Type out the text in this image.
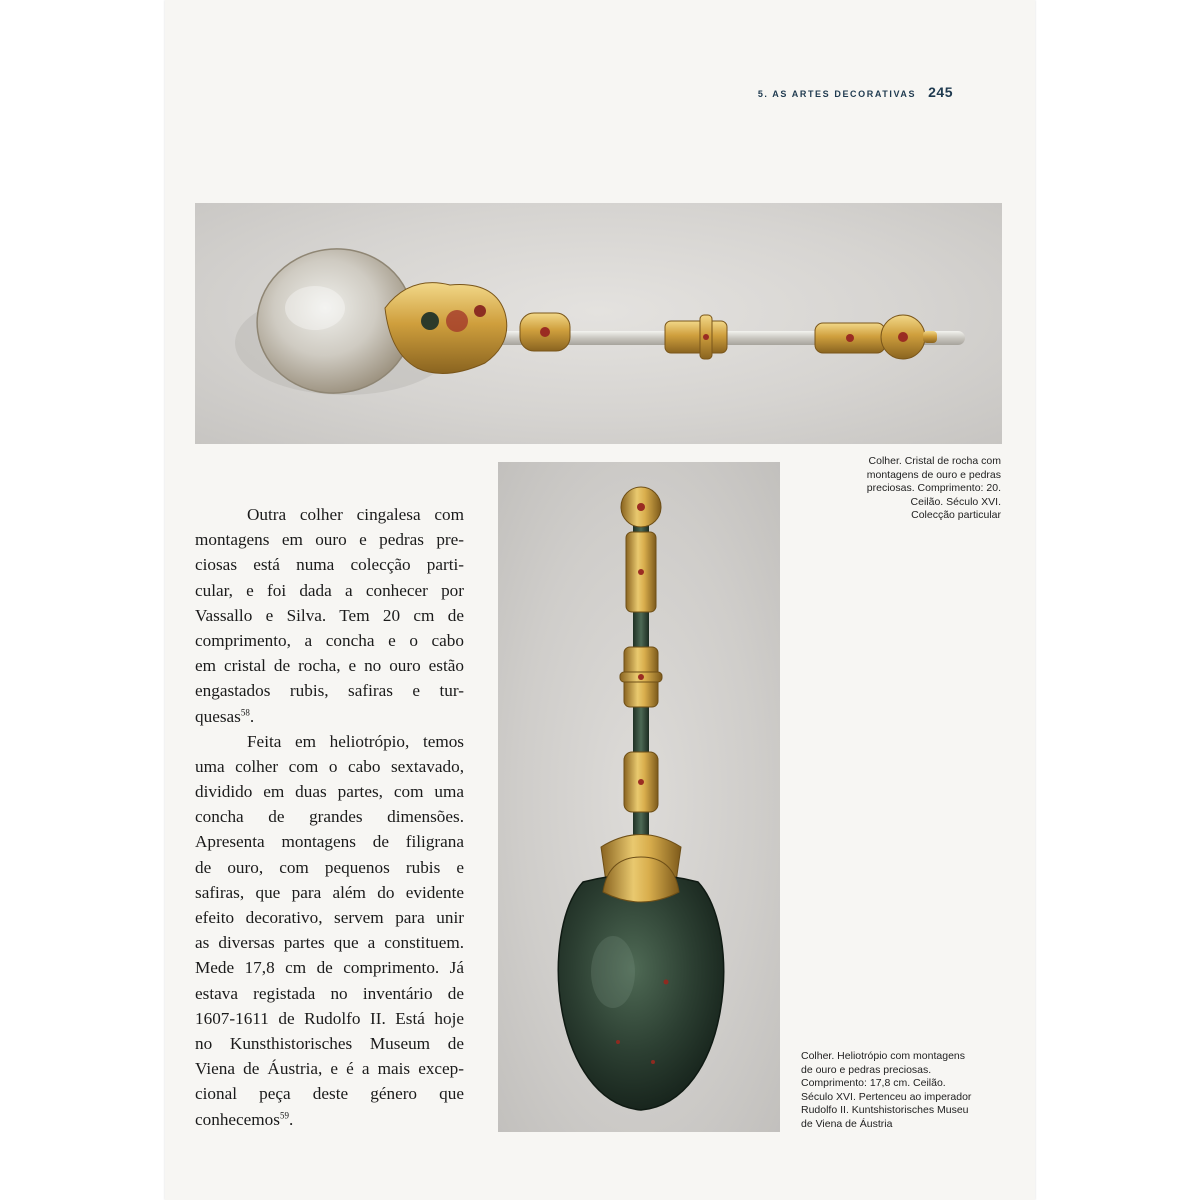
5. AS ARTES DECORATIVAS 245
Colher. Cristal de rocha com
montagens de ouro e pedras
preciosas. Comprimento: 20.
Ceilão. Século XVI.
Colecção particular
Outra colher cingalesa com
montagens em ouro e pedras pre-
ciosas está numa colecção parti-
cular, e foi dada a conhecer por
Vassallo e Silva. Tem 20 cm de
comprimento, a concha e o cabo
em cristal de rocha, e no ouro estão
engastados rubis, safiras e tur-
quesas$^{58}$.
Feita em heliotrópio, temos
uma colher com o cabo sextavado,
dividido em duas partes, com uma
concha de grandes dimensões.
Apresenta montagens de filigrana
de ouro, com pequenos rubis e
safiras, que para além do evidente
efeito decorativo, servem para unir
as diversas partes que a constituem.
Mede 17,8 cm de comprimento. Já
estava registada no inventário de
1607-1611 de Rudolfo II. Está hoje
no Kunsthistorisches Museum de
Viena de Áustria, e é a mais excep-
cional peça deste género que
conhecemos$^{59}$.
Colher. Heliotrópio com montagens
de ouro e pedras preciosas.
Comprimento: 17,8 cm. Ceilão.
Século XVI. Pertenceu ao imperador
Rudolfo II. Kuntshistorisches Museu
de Viena de Áustria
